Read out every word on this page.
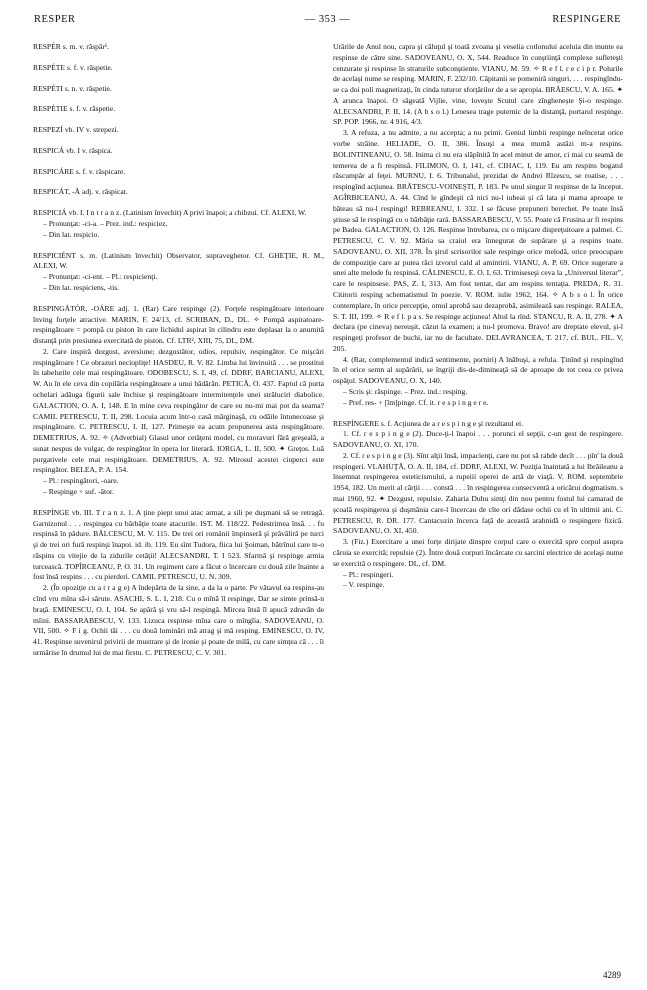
RESPER	— 353 —	RESPINGERE

RESPÉR s. m. v. răspăr¹.

RESPÉTE s. f. v. răspetie.

RESPÉTI s. n. v. răspetie.

RESPÉTIE s. f. v. răspetie.

RESPEZÍ vb. IV v. strepezi.

RESPICÁ vb. I v. răspica.

RESPICÁRE s. f. v. răspicare.

RESPICÁT, -Ă adj. v. răspicat.

RESPICIÁ vb. I. I n t r a n z. (Latinism învechit) A privi înapoi; a chibzui. Cf. ALEXI, W.

– Pronunţat: -ci-a. – Prez. ind.: respiciez.

– Din lat. respicio.

RESPICIÉNT s. m. (Latinism învechit) Observator, supraveghetor. Cf. GHEŢIE, R. M., ALEXI, W.

– Pronunţat: -ci-ent. – Pl.: respicienţi.

– Din lat. respiciens, -tis.

RESPINGĂTÓR, -OÁRE adj. 1. (Rar) Care respinge (2). Forţele respingătoare interioare înving forţele atractive. MARIN, F. 24/13, cf. SCRIBAN, D., DL. ✧ Pompă aspiratoare-respingătoare = pompă cu piston în care lichidul aspirat în cilindru este deplasat la o anumită distanţă prin presiunea exercitată de piston. Cf. LTR², XIII, 75, DL, DM.

2. Care inspiră dezgust, aversiune; dezgustător, odios, repulsiv, respingător. Ce mişcări respingătoare ! Ce obrazuri neciopliţe! HASDEU, R. V. 82. Limba lui învinuită . . . se prostitui în tabelurile cele mai respingătoare. ODOBESCU, S. I, 49, cf. DDRF, BARCIANU, ALEXI, W. Au în ele ceva din copilăria respingătoare a unui bădărăn. PETICĂ, O. 437. Faptul că purta ochelari adăuga figurii sale închise şi respingătoare intermitenţele unei străluciri diabolice. GALACTION, O. A. I, 148. E în mine ceva respingător de care eu nu-mi mai pot da seama? CAMIL PETRESCU, T. II, 298. Locuia acum într-o casă mărginaşă, cu odăile întunecoase şi respingătoare. C. PETRESCU, I. II, 127. Primeşte ea acum propunerea asta respingătoare. DEMETRIUS, A. 92. ✧ (Adverbial) Glasul unor cetăţeni model, cu moravuri fără greşeală, a sunat nespus de vulgar, de respingător în opera lor literară. IORGA, L. II, 500. ✦ Greţos. Luă purgativele cele mai respingătoare. DEMETRIUS, A. 92. Mirosul acestei ciuperci este respingător. BELEA, P. A. 154.

– Pl.: respingători, -oare.

– Respinge + suf. -ător.

RESPÍNGE vb. III. T r a n z. 1. A ţine piept unui atac armat, a sili pe duşmani să se retragă. Garnizonul . . . respingea cu bărbăţie toate atacurile. IST. M. 118/22. Pedestrimea însă. . . fu respinsă în pădure. BĂLCESCU, M. V. 115. De trei ori românii împinseră şi prăvăliră pe turci şi de trei ori fură respinşi înapoi. id. ib. 119. Eu sînt Tudora, fiica lui Şoiman, bătrînul care te-o răspins cu vitejie de la zidurile cetăţii! ALECSANDRI, T. I 523. Sfarmă şi respinge armia turcească. TOPÎRCEANU, P. O. 31. Un regiment care a făcut o încercare cu două zile înainte a fost însă respins . . . cu pierderi. CAMIL PETRESCU, U. N. 309.

2. (În opoziţie cu a t r a g e) A îndepărta de la sine, a da la o parte. Pe vătavul ea respins-au cînd vru mîna să-i sărute. ASACHI, S. L. I, 218. Cu o mînă îl respinge, Dar se simte prinsă-n braţă. EMINESCU, O. I, 104. Se apără şi vru să-l respingă. Mircea însă îl apucă zdravăn de mîini. BASSARABESCU, V. 133. Lizuca respinse mîna care o mîngîia. SADOVEANU, O. VII, 500. ✧ F i g. Ochii tăi . . . cu două luminări mă atrag şi mă resping. EMINESCU, O. IV, 41. Respinse suvenirul privirii de mustrare şi de ironie şi poate de milă, cu care simţea că . . . îi urmărise în drumul lui de mai firstu. C. PETRESCU, C. V. 301.

Urările de Anul nou, capra şi căluţul şi toată zvoana şi veselia cotlonului aceluia din munte ea respinse de către sine. SADOVEANU, O. X, 544. Readuce în conştiinţă complexe sufleteşti cenzurate şi respinse în straturile subconştiente. VIANU, M. 59. ✧ R e f l. r e c i p r. Polurile de acelaşi nume se resping. MARIN, F. 232/10. Căpitanii se pomeniră singuri, . . . respingîndu-se ca doi poli magnetizaţi, în cinda tuturor sforţărilor de a se apropia. BRĂESCU, V. A. 165. ✦ A arunca înapoi. O săgeată Vijlie, vine, loveşte Scutul care zînghenește Şi-o respinge. ALECSANDRI, P. II, 14. (A b s o l.) Lenesea trage puternic de la distanţă, portarul respinge. SP. POP. 1966, nr. 4 916, 4/3.

3. A refuza, a nu admite, a nu accepta; a nu primi. Geniul limbii respinge neîncetat orice vorbe străine. HELIADE, O. II, 386. Însuşi a mea mumă astăzi m-a respins. BOLINTINEANU, O. 58. Inima ci nu era slăpînită în acel minut de amor, ci mai cu seamă de temerea de a fi respinsă. FILIMON, O. I, 141, cf. CIHAC, I, 119. Eu am respins bogatul răscumpăr al feţei. MURNU, I. 6. Tribunalul, prezidat de Andrei Rîzescu, se roatise, . . . respingînd acţiunea. BRĂTESCU-VOINEŞTI, P. 183. Pe unul singur îl respinse de la început. AGÎRBICEANU, A. 44. Cînd le gîndeşti că nici nu-l iubeai şi că lata şi mama aproape te băteau să nu-l respingi! REBREANU, I. 332. I se făcuse prepuneri berechet. Pe toate însă ştiuse să le respingă cu o bărbăţie rară. BASSARABESCU, V. 55. Poate că Frusina ar fi respins pe Badea. GALACTION, O. 126. Respinse întrebarea, cu o mişcare dispreţuitoare a palmei. C. PETRESCU, C. V. 92. Măria sa craiul era înnegurat de supărare şi a respins toate. SADOVEANU, O. XII, 378. În şirul scrisorilor sale respinge orice melodă, orice preocupare de compoziţie care ar putea răci izvorul cald al amintirii. VIANU, A. P. 69. Orice sugerare a unei alte melode fu respinsă. CĂLINESCU, E. O. I, 63. Trimiseseşi ceva la „Universul literar”, care le respinsese. PAS, Z. I, 313. Am fost tentat, dar am respins tentaţia. PREDA, R. 31. Cititorii resping schematismul în poezie. V. ROM. iulie 1962, 164. ✧ A b s o l. În orice contemplare, în orice percepţie, omul aprobă sau dezaprobă, asimilează sau respinge. RALEA, S. T. III, 199. ✧ R e f l. p a s. Se respinge acţiunea! Altul la rînd. STANCU, R. A. II, 278. ✦ A declara (pe cineva) nereuşit, căzut la examen; a nu-l promova. Bravo! are dreptate elevul, şi-l respingeţi profesor de buchi, iar nu de facultate. DELAVRANCEA, T. 217, cf. BUL. FIL. V, 205.

4. (Rar, complementul indică sentimente, porniri) A înăbuşi, a refula. Ţinînd şi respingînd în el orice semn al supărării, se îngriji dis-de-dimineaţă să de aproape de tot ceea ce privea ospăţul. SADOVEANU, O. X, 140.

– Scris şi: răspinge. – Prez. ind.: resping.

– Pref. res- + [îm]pinge. Cf. it. r e s p i n g e r e.

RESPÍNGERE s. f. Acţiunea de a r e s p i n g e şi rezultatul ei.

1. Cf. r e s p i n g e (2). Duce-ţi-l înapoi . . . porunci el sepţii, c-un gest de respingere. SADOVEANU, O. XI, 170.

2. Cf. r e s p i n g e (3). Sînt alţii însă, impacienţi, care nu pot să rabde decît . . . pîn' la două respingeri. VLAHUŢĂ, O. A. II, 184, cf. DDRF, ALEXI, W. Poziţia înaintată a lui Ibrăileanu a însemnat respingerea esteticismului, a rupeiii operei de artă de viaţă. V. ROM. septembrie 1954, 182. Un merit al cărţii . . . constă . . . în respingerea consecventă a oricărui dogmatism. s mai 1960, 92. ✦ Dezgust, repulsie. Zaharia Duhu simţi din nou pentru fostul lui camarad de şcoală respingerea şi duşmănia care-l încercau de cîte ori dădase ochii cu el în ultimii ani. C. PETRESCU, R. DR. 177. Cantacuzin încerca faţă de această arahnidă o respingere fizică. SADOVEANU, O. XI, 450.

3. (Fiz.) Exercitare a unei forţe dirijate dinspre corpul care o exercită spre corpul asupra căruia se exercită; repulsie (2). Între două corpuri încărcate cu sarcini electrice de acelaşi nume se exercită o respingere. DL, cf. DM.

– Pl.: respingeri.

– V. respinge.

4289
